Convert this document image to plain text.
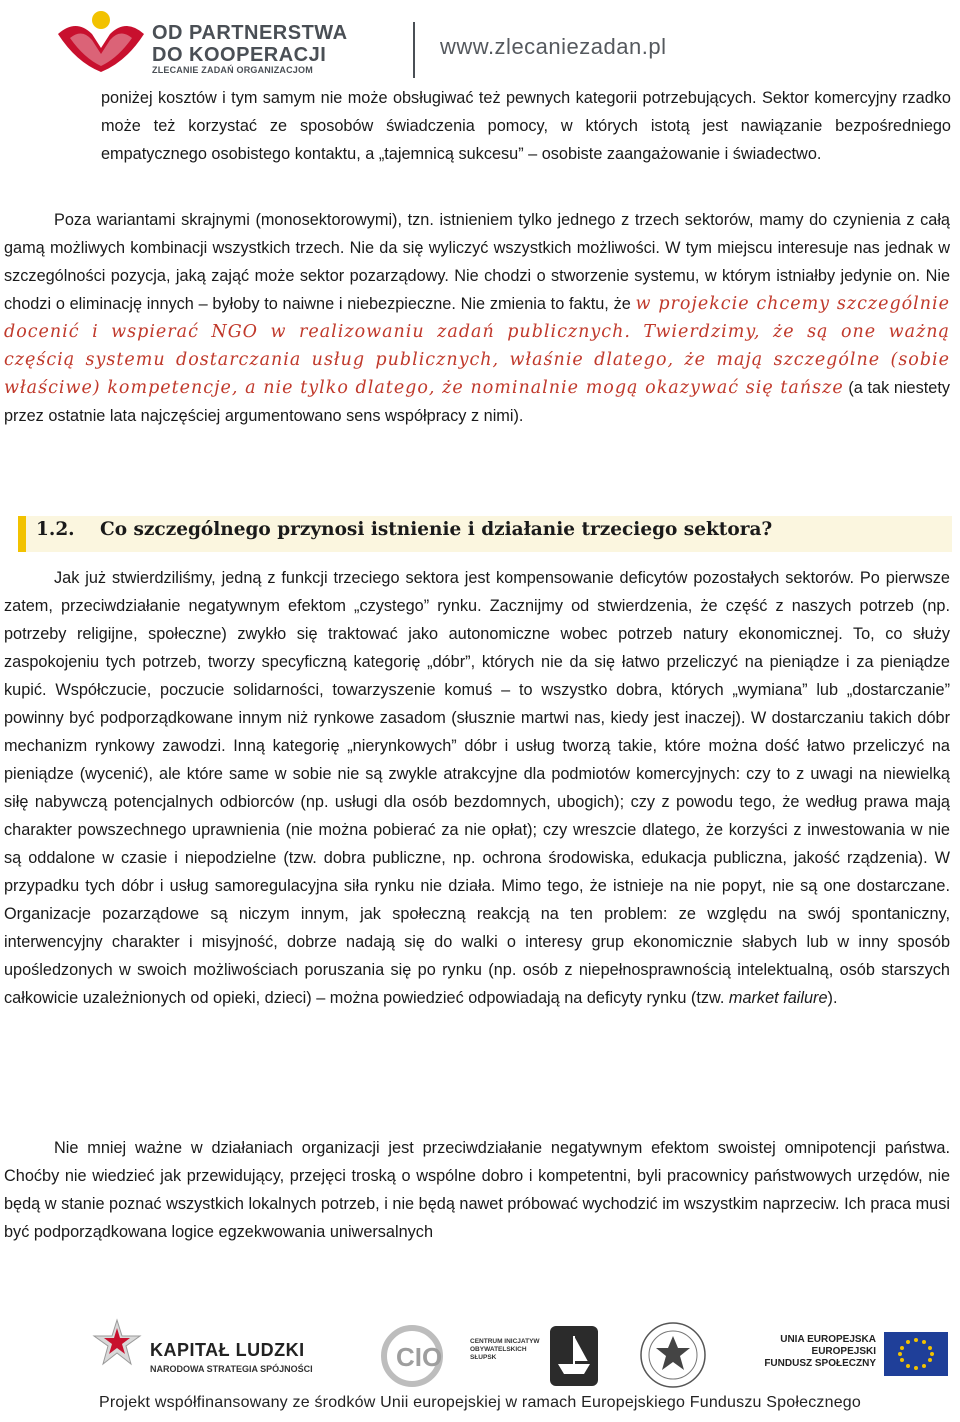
OD PARTNERSTWA
DO KOOPERACJI
ZLECANIE ZADAŃ ORGANIZACJOM
www.zlecaniezadan.pl

poniżej kosztów i tym samym nie może obsługiwać też pewnych kategorii potrzebujących. Sektor komercyjny rzadko może też korzystać ze sposobów świadczenia pomocy, w których istotą jest nawiązanie bezpośredniego empatycznego osobistego kontaktu, a „tajemnicą sukcesu” – osobiste zaangażowanie i świadectwo.

Poza wariantami skrajnymi (monosektorowymi), tzn. istnieniem tylko jednego z trzech sektorów, mamy do czynienia z całą gamą możliwych kombinacji wszystkich trzech. Nie da się wyliczyć wszystkich możliwości. W tym miejscu interesuje nas jednak w szczególności pozycja, jaką zająć może sektor pozarządowy. Nie chodzi o stworzenie systemu, w którym istniałby jedynie on. Nie chodzi o eliminację innych – byłoby to naiwne i niebezpieczne. Nie zmienia to faktu, że w projekcie chcemy szczególnie docenić i wspierać NGO w realizowaniu zadań publicznych. Twierdzimy, że są one ważną częścią systemu dostarczania usług publicznych, właśnie dlatego, że mają szczególne (sobie właściwe) kompetencje, a nie tylko dlatego, że nominalnie mogą okazywać się tańsze (a tak niestety przez ostatnie lata najczęściej argumentowano sens współpracy z nimi).

1.2. Co szczególnego przynosi istnienie i działanie trzeciego sektora?

Jak już stwierdziliśmy, jedną z funkcji trzeciego sektora jest kompensowanie deficytów pozostałych sektorów. Po pierwsze zatem, przeciwdziałanie negatywnym efektom „czystego” rynku. Zacznijmy od stwierdzenia, że część z naszych potrzeb (np. potrzeby religijne, społeczne) zwykło się traktować jako autonomiczne wobec potrzeb natury ekonomicznej. To, co służy zaspokojeniu tych potrzeb, tworzy specyficzną kategorię „dóbr”, których nie da się łatwo przeliczyć na pieniądze i za pieniądze kupić. Współczucie, poczucie solidarności, towarzyszenie komuś – to wszystko dobra, których „wymiana” lub „dostarczanie” powinny być podporządkowane innym niż rynkowe zasadom (słusznie martwi nas, kiedy jest inaczej). W dostarczaniu takich dóbr mechanizm rynkowy zawodzi. Inną kategorię „nierynkowych” dóbr i usług tworzą takie, które można dość łatwo przeliczyć na pieniądze (wycenić), ale które same w sobie nie są zwykle atrakcyjne dla podmiotów komercyjnych: czy to z uwagi na niewielką siłę nabywczą potencjalnych odbiorców (np. usługi dla osób bezdomnych, ubogich); czy z powodu tego, że według prawa mają charakter powszechnego uprawnienia (nie można pobierać za nie opłat); czy wreszcie dlatego, że korzyści z inwestowania w nie są oddalone w czasie i niepodzielne (tzw. dobra publiczne, np. ochrona środowiska, edukacja publiczna, jakość rządzenia). W przypadku tych dóbr i usług samoregulacyjna siła rynku nie działa. Mimo tego, że istnieje na nie popyt, nie są one dostarczane. Organizacje pozarządowe są niczym innym, jak społeczną reakcją na ten problem: ze względu na swój spontaniczny, interwencyjny charakter i misyjność, dobrze nadają się do walki o interesy grup ekonomicznie słabych lub w inny sposób upośledzonych w swoich możliwościach poruszania się po rynku (np. osób z niepełnosprawnością intelektualną, osób starszych całkowicie uzależnionych od opieki, dzieci) – można powiedzieć odpowiadają na deficyty rynku (tzw. market failure).

Nie mniej ważne w działaniach organizacji jest przeciwdziałanie negatywnym efektom swoistej omnipotencji państwa. Choćby nie wiedzieć jak przewidujący, przejęci troską o wspólne dobro i kompetentni, byli pracownicy państwowych urzędów, nie będą w stanie poznać wszystkich lokalnych potrzeb, i nie będą nawet próbować wychodzić im wszystkim naprzeciw. Ich praca musi być podporządkowana logice egzekwowania uniwersalnych

KAPITAŁ LUDZKI
NARODOWA STRATEGIA SPÓJNOŚCI	CIO
CENTRUM INICJATYW OBYWATELSKICH SŁUPSK
UNIA EUROPEJSKA
EUROPEJSKI
FUNDUSZ SPOŁECZNY
Projekt współfinansowany ze środków Unii europejskiej w ramach Europejskiego Funduszu Społecznego
